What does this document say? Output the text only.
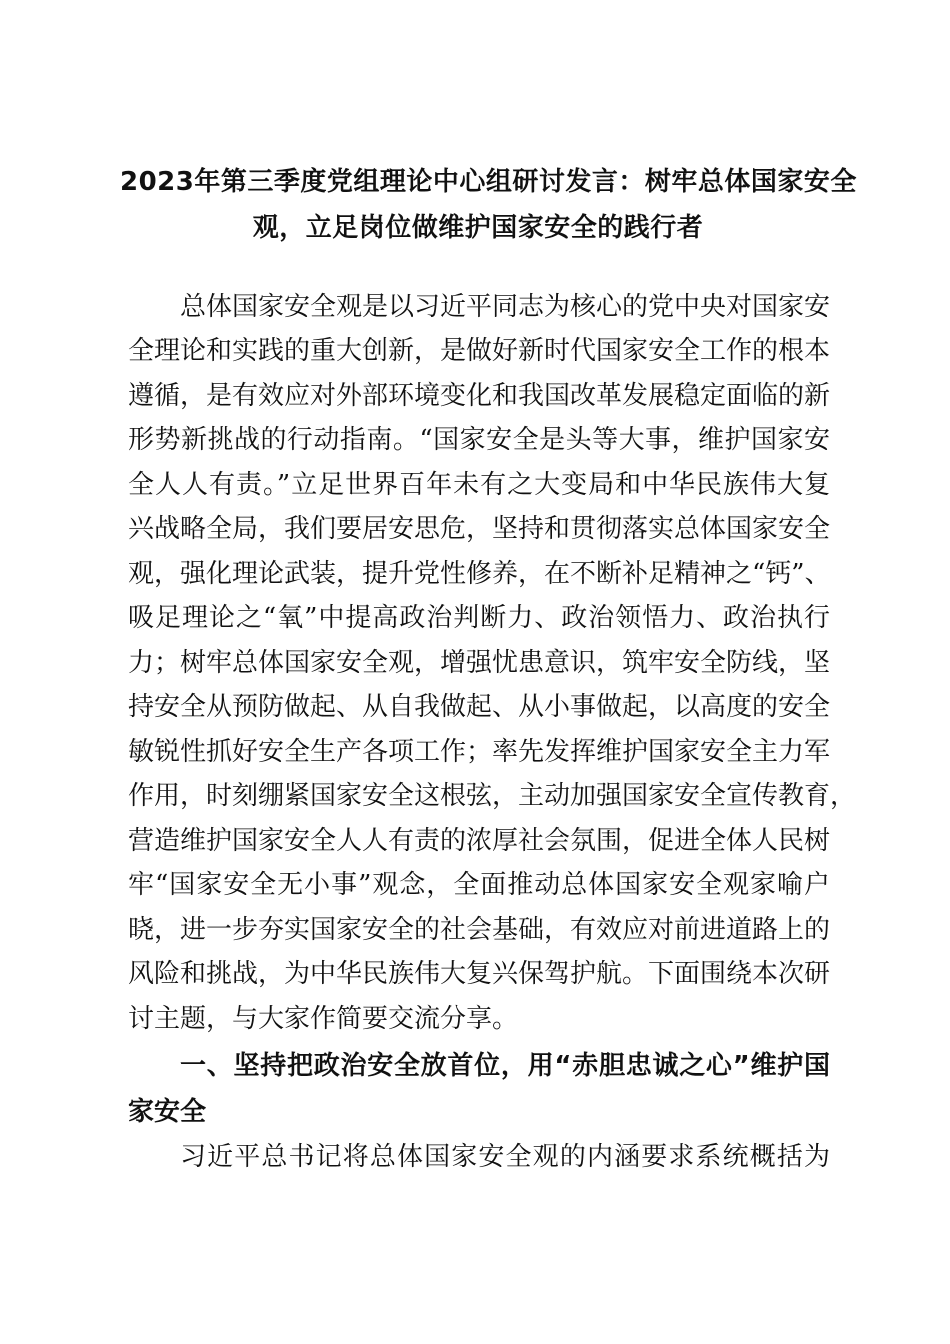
2023年第三季度党组理论中心组研讨发言：树牢总体国家安全
观，立足岗位做维护国家安全的践行者
总体国家安全观是以习近平同志为核心的党中央对国家安
全理论和实践的重大创新，是做好新时代国家安全工作的根本
遵循，是有效应对外部环境变化和我国改革发展稳定面临的新
形势新挑战的行动指南。“国家安全是头等大事，维护国家安
全人人有责。”立足世界百年未有之大变局和中华民族伟大复
兴战略全局，我们要居安思危，坚持和贯彻落实总体国家安全
观，强化理论武装，提升党性修养，在不断补足精神之“钙”、
吸足理论之“氧”中提高政治判断力、政治领悟力、政治执行
力；树牢总体国家安全观，增强忧患意识，筑牢安全防线，坚
持安全从预防做起、从自我做起、从小事做起，以高度的安全
敏锐性抓好安全生产各项工作；率先发挥维护国家安全主力军
作用，时刻绷紧国家安全这根弦，主动加强国家安全宣传教育，
营造维护国家安全人人有责的浓厚社会氛围，促进全体人民树
牢“国家安全无小事”观念，全面推动总体国家安全观家喻户
晓，进一步夯实国家安全的社会基础，有效应对前进道路上的
风险和挑战，为中华民族伟大复兴保驾护航。下面围绕本次研
讨主题，与大家作简要交流分享。
一、坚持把政治安全放首位，用“赤胆忠诚之心”维护国
家安全
习近平总书记将总体国家安全观的内涵要求系统概括为
